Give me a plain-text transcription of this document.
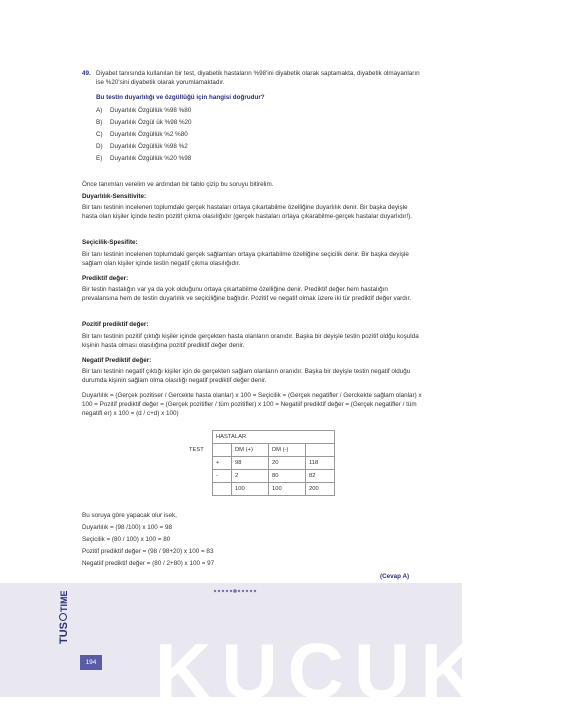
KUÇUK S
49. Diyabet tanısında kullanılan bir test, diyabetik hastaların %98'ini diyabetik olarak saptamakta, diyabetik olmayanların ise %20'sini diyabetik olarak yorumlamaktadır.
Bu testin duyarlılığı ve özgüllüğü için hangisi doğrudur?
A) Duyarlılık Özgüllük %98 %80
B) Duyarlılık Özgül ük %98 %20
C) Duyarlılık Özgüllük %2 %80
D) Duyarlılık Özgüllük %98 %2
E) Duyarlılık Özgüllük %20 %98

Önce tanımları verelim ve ardından bir tablo çizip bu soruyu bitirelim.

Duyarlılık-Sensitivite:

Bir tanı testinin incelenen toplumdaki gerçek hastaları ortaya çıkartabilme özelliğine duyarlılık denir. Bir başka deyişle hasta olan kişiler içinde testin pozitif çıkma olasılığıdır (gerçek hastaları ortaya çıkarabilme-gerçek hastalar duyarlıdır!).

Seçicilik-Spesifite:

Bir tanı testinin incelenen toplumdaki gerçek sağlamları ortaya çıkartabilme özelliğine seçicilik denir. Bir başka deyişle sağlam olan kişiler içinde testin negatif çıkma olasılığıdır.

Prediktif değer:

Bir testin hastalığın var ya da yok olduğunu ortaya çıkartabilme özelliğine denir. Prediktif değer hem hastalığın prevalansına hem de testin duyarlılık ve seçiciliğine bağlıdır. Pozitif ve negatif olmak üzere iki tür prediktif değer vardır.

Pozitif prediktif değer:

Bir tanı testinin pozitif çıktığı kişiler içinde gerçekten hasta olanların oranıdır. Başka bir deyişle testin pozitif oldğu koşulda kişinin hasta olması olasılığına pozitif prediktif değer denir.

Negatif Prediktif değer:

Bir tanı testinin negatif çıktığı kişiler için de gerçekten sağlam olanların oranıdır. Başka bir deyişle testin negatif olduğu durumda kişinin sağlam olma olasılığı negatif prediktif değer denir.

Duyarlılık = (Gerçek pozitiser / Gercekte hasta olanlar) x 100 = Seçicilik = (Gerçek negatifler / Gerckekte sağlam olanlar) x 100 = Pozitif prediktif değer = (Gerçek pozitifler / tüm pozitifler) x 100 = Negatiif prediktif değer = (Gerçek negatifler / tüm negatifl er) x 100 = (d / c+d) x 100)

	HASTALAR			
TEST		DM (+)	DM (-)	
	+	98	20	118
	-	2	80	82
		100	100	200

Bu soruya göre yapacak olur isek,

Duyarlılık = (98 /100) x 100 = 98

Seçicilik = (80 / 100) x 100 = 80

Pozitif prediktif değer = (98 / 98+20) x 100 = 83

Negatiif prediktif değer = (80 / 2+80) x 100 = 97

(Cevap A)
TUSTIME
194
